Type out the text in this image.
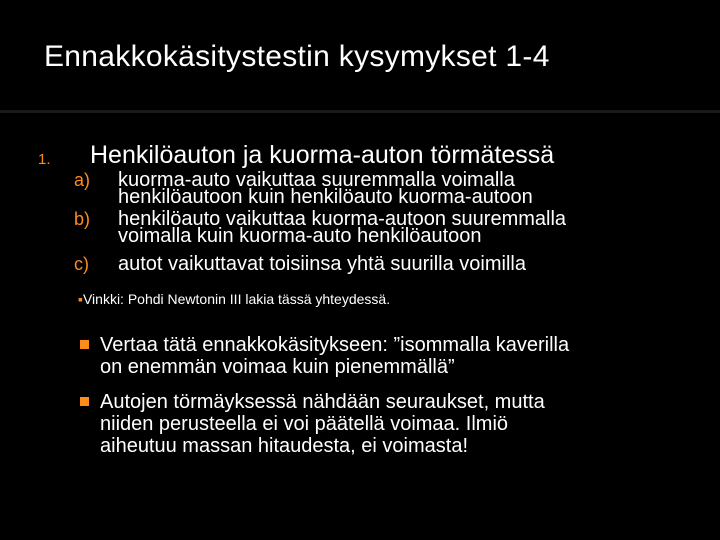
Ennakkokäsitystestin kysymykset 1-4
1. Henkilöauton ja kuorma-auton törmätessä
a) kuorma-auto vaikuttaa suuremmalla voimalla
henkilöautoon kuin henkilöauto kuorma-autoon
b) henkilöauto vaikuttaa kuorma-autoon suuremmalla
voimalla kuin kuorma-auto henkilöautoon
c) autot vaikuttavat toisiinsa yhtä suurilla voimilla
▪Vinkki: Pohdi Newtonin III lakia tässä yhteydessä.
Vertaa tätä ennakkokäsitykseen: ”isommalla kaverilla
on enemmän voimaa kuin pienemmällä”
Autojen törmäyksessä nähdään seuraukset, mutta
niiden perusteella ei voi päätellä voimaa. Ilmiö
aiheutuu massan hitaudesta, ei voimasta!
